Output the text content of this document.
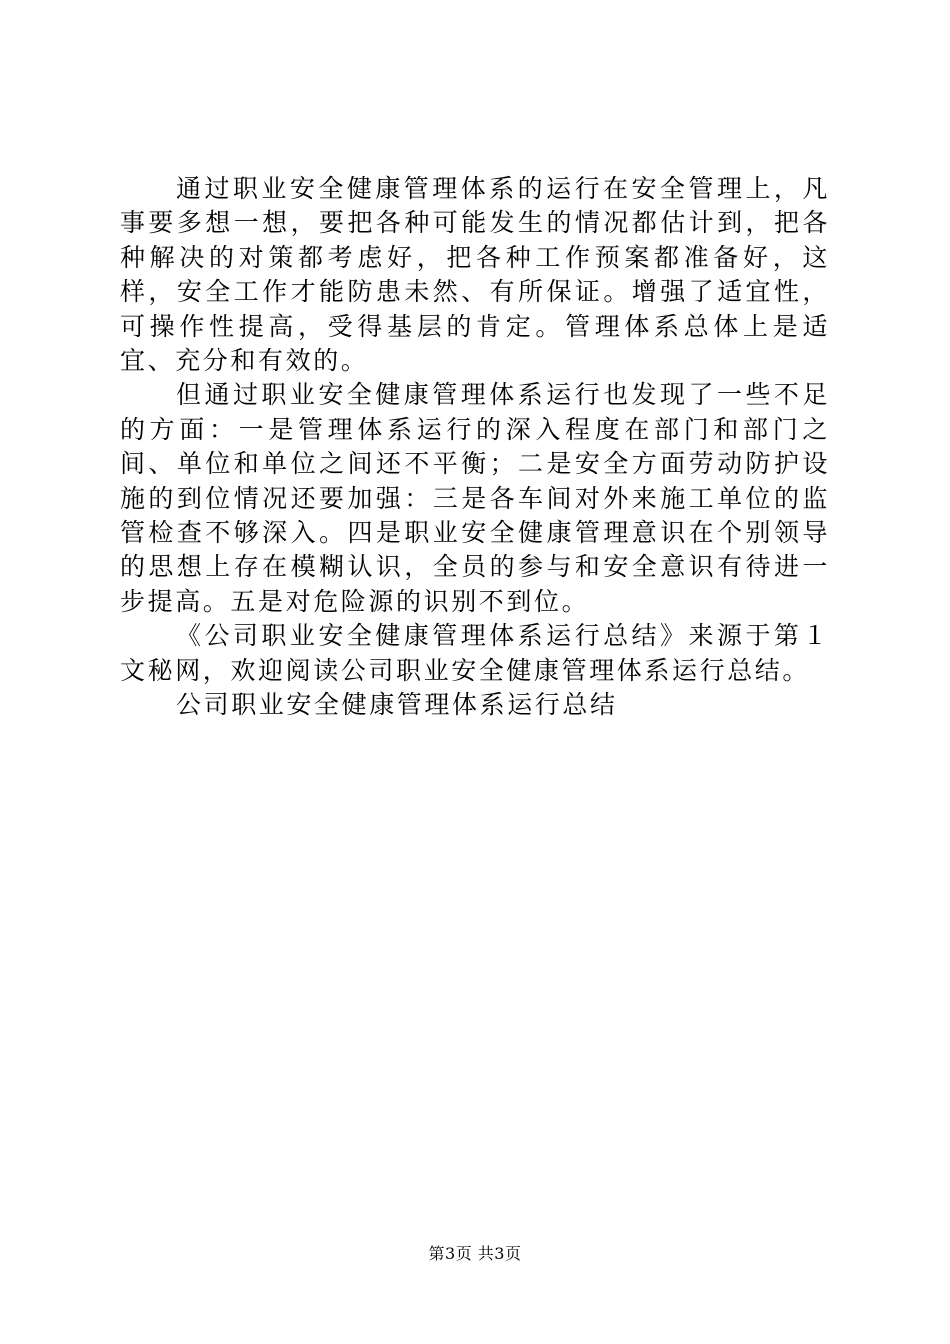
通过职业安全健康管理体系的运行在安全管理上，凡事要多想一想，要把各种可能发生的情况都估计到，把各种解决的对策都考虑好，把各种工作预案都准备好，这样，安全工作才能防患未然、有所保证。增强了适宜性，可操作性提高，受得基层的肯定。管理体系总体上是适宜、充分和有效的。

但通过职业安全健康管理体系运行也发现了一些不足的方面：一是管理体系运行的深入程度在部门和部门之间、单位和单位之间还不平衡；二是安全方面劳动防护设施的到位情况还要加强：三是各车间对外来施工单位的监管检查不够深入。四是职业安全健康管理意识在个别领导的思想上存在模糊认识，全员的参与和安全意识有待进一步提高。五是对危险源的识别不到位。

《公司职业安全健康管理体系运行总结》来源于第１文秘网，欢迎阅读公司职业安全健康管理体系运行总结。

公司职业安全健康管理体系运行总结

第3页 共3页
